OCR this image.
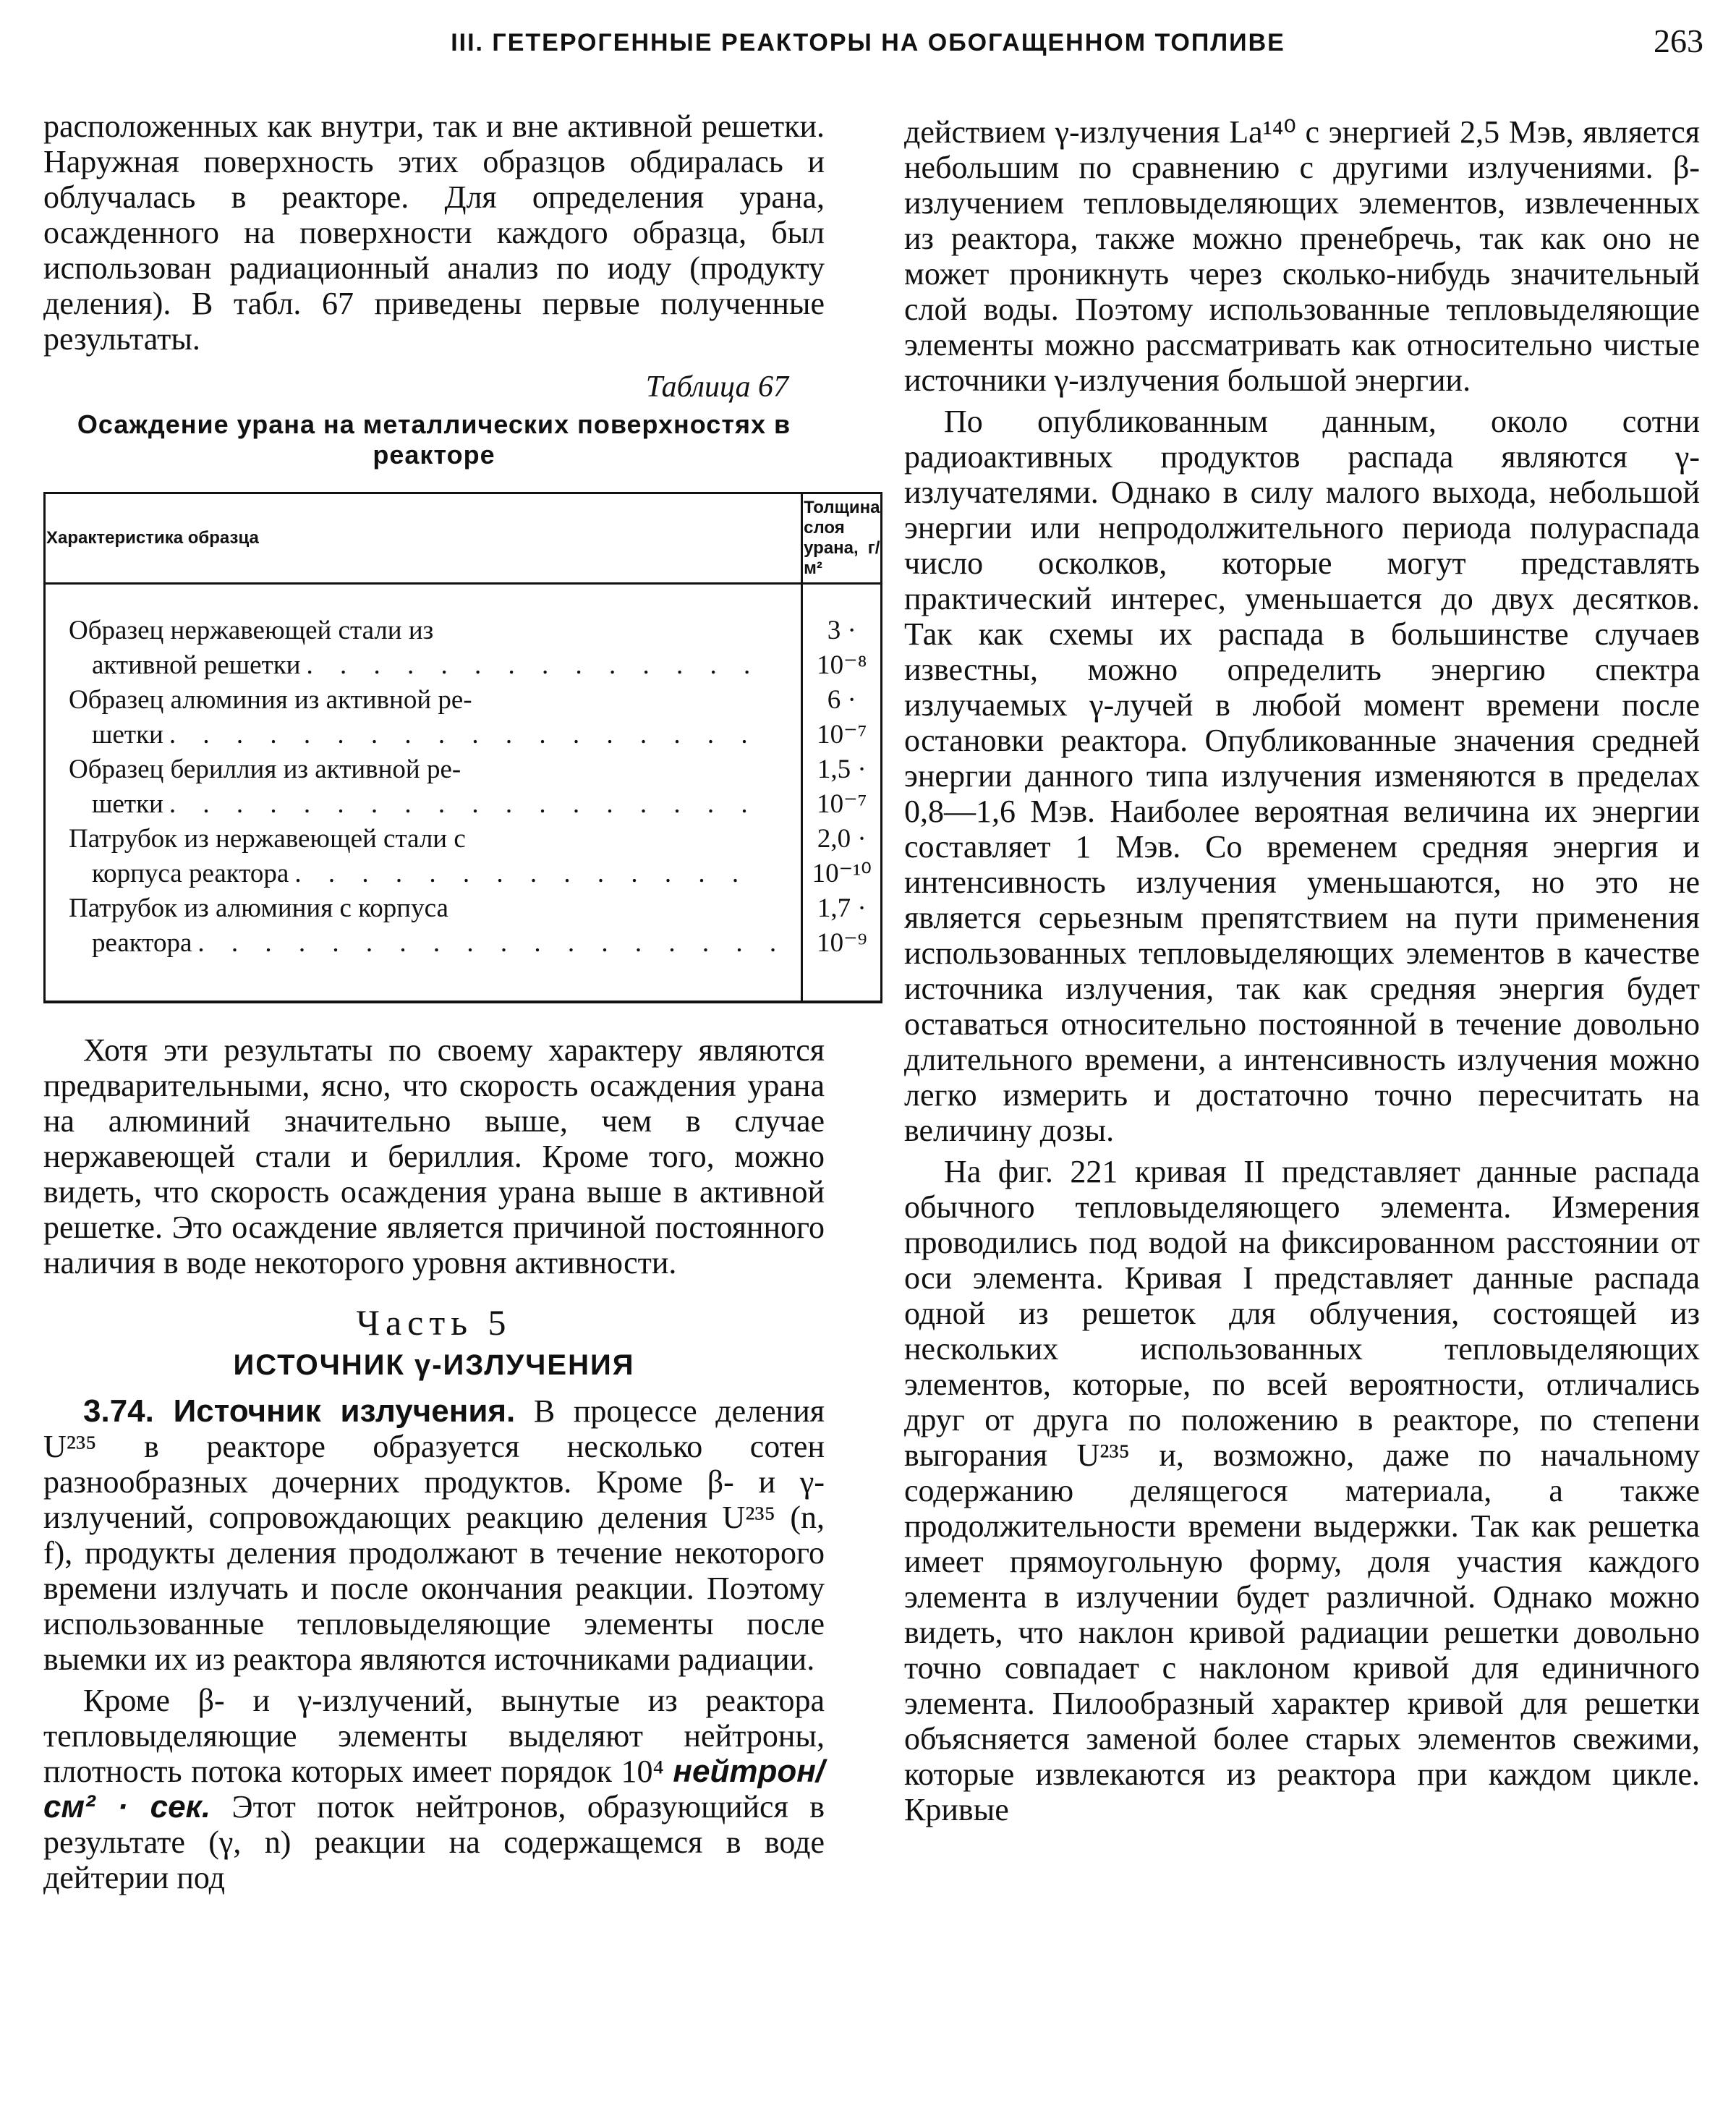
III. ГЕТЕРОГЕННЫЕ РЕАКТОРЫ НА ОБОГАЩЕННОМ ТОПЛИВЕ	263

расположенных как внутри, так и вне активной решетки. Наружная поверхность этих образцов обдиралась и облучалась в реакторе. Для определения урана, осажденного на поверхности каждого образца, был использован радиационный анализ по иоду (продукту деления). В табл. 67 приведены первые полученные результаты.

Таблица 67
Осаждение урана на металлических поверхностях в реакторе
Характеристика образца	Толщина слоя
урана, г/м²

Образец нержавеющей стали из
активной решетки . . . . . . . . . . . . . .	3 · 10⁻⁸

Образец алюминия из активной ре-
шетки . . . . . . . . . . . . . . . . . .	6 · 10⁻⁷

Образец бериллия из активной ре-
шетки . . . . . . . . . . . . . . . . . .	1,5 · 10⁻⁷

Патрубок из нержавеющей стали с
корпуса реактора . . . . . . . . . . . . . .	2,0 · 10⁻¹⁰

Патрубок из алюминия с корпуса
реактора . . . . . . . . . . . . . . . . . .	1,7 · 10⁻⁹

Хотя эти результаты по своему характеру являются предварительными, ясно, что скорость осаждения урана на алюминий значительно выше, чем в случае нержавеющей стали и бериллия. Кроме того, можно видеть, что скорость осаждения урана выше в активной решетке. Это осаждение является причиной постоянного наличия в воде некоторого уровня активности.

Часть 5
ИСТОЧНИК γ-ИЗЛУЧЕНИЯ

3.74. Источник излучения. В процессе деления U²³⁵ в реакторе образуется несколько сотен разнообразных дочерних продуктов. Кроме β- и γ-излучений, сопровождающих реакцию деления U²³⁵ (n, f), продукты деления продолжают в течение некоторого времени излучать и после окончания реакции. Поэтому использованные тепловыделяющие элементы после выемки их из реактора являются источниками радиации.

Кроме β- и γ-излучений, вынутые из реактора тепловыделяющие элементы выделяют нейтроны, плотность потока которых имеет порядок 10⁴ нейтрон/см² · сек. Этот поток нейтронов, образующийся в результате (γ, n) реакции на содержащемся в воде дейтерии под

действием γ-излучения La¹⁴⁰ с энергией 2,5 Мэв, является небольшим по сравнению с другими излучениями. β-излучением тепловыделяющих элементов, извлеченных из реактора, также можно пренебречь, так как оно не может проникнуть через сколько-нибудь значительный слой воды. Поэтому использованные тепловыделяющие элементы можно рассматривать как относительно чистые источники γ-излучения большой энергии.

По опубликованным данным, около сотни радиоактивных продуктов распада являются γ-излучателями. Однако в силу малого выхода, небольшой энергии или непродолжительного периода полураспада число осколков, которые могут представлять практический интерес, уменьшается до двух десятков. Так как схемы их распада в большинстве случаев известны, можно определить энергию спектра излучаемых γ-лучей в любой момент времени после остановки реактора. Опубликованные значения средней энергии данного типа излучения изменяются в пределах 0,8—1,6 Мэв. Наиболее вероятная величина их энергии составляет 1 Мэв. Со временем средняя энергия и интенсивность излучения уменьшаются, но это не является серьезным препятствием на пути применения использованных тепловыделяющих элементов в качестве источника излучения, так как средняя энергия будет оставаться относительно постоянной в течение довольно длительного времени, а интенсивность излучения можно легко измерить и достаточно точно пересчитать на величину дозы.

На фиг. 221 кривая II представляет данные распада обычного тепловыделяющего элемента. Измерения проводились под водой на фиксированном расстоянии от оси элемента. Кривая I представляет данные распада одной из решеток для облучения, состоящей из нескольких использованных тепловыделяющих элементов, которые, по всей вероятности, отличались друг от друга по положению в реакторе, по степени выгорания U²³⁵ и, возможно, даже по начальному содержанию делящегося материала, а также продолжительности времени выдержки. Так как решетка имеет прямоугольную форму, доля участия каждого элемента в излучении будет различной. Однако можно видеть, что наклон кривой радиации решетки довольно точно совпадает с наклоном кривой для единичного элемента. Пилообразный характер кривой для решетки объясняется заменой более старых элементов свежими, которые извлекаются из реактора при каждом цикле. Кривые
